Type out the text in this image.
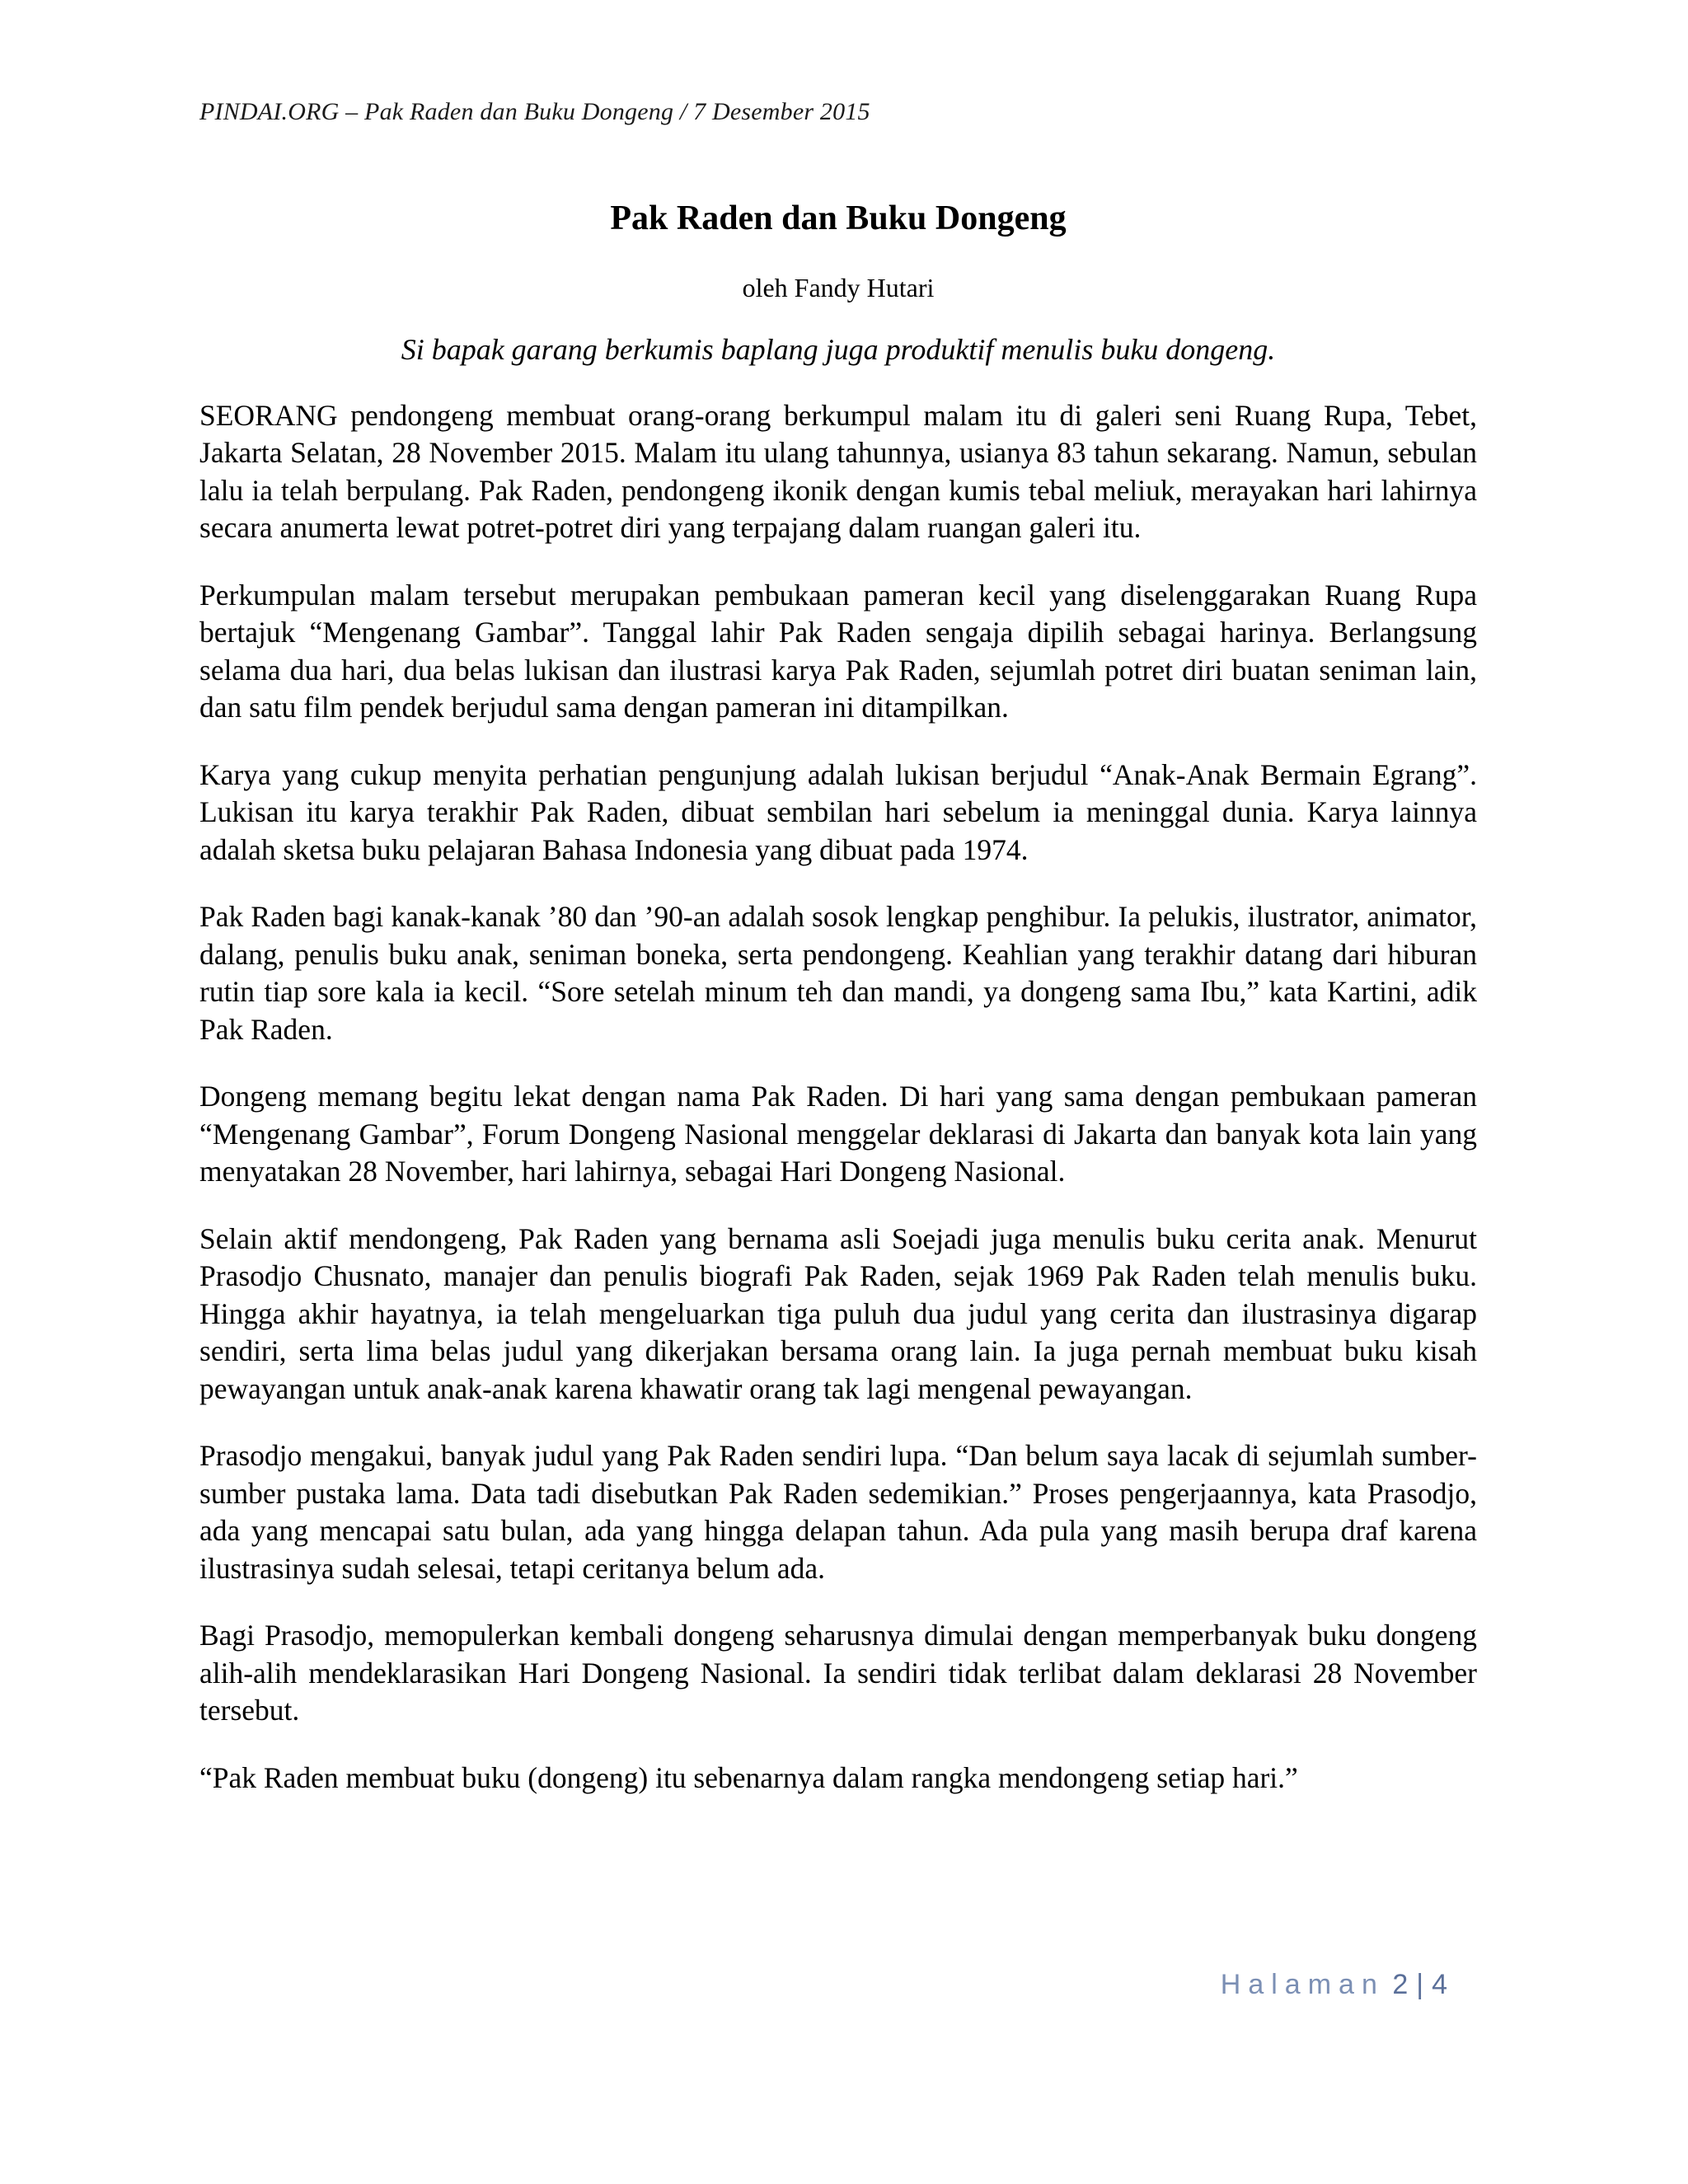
PINDAI.ORG – Pak Raden dan Buku Dongeng / 7 Desember 2015
Pak Raden dan Buku Dongeng
oleh Fandy Hutari
Si bapak garang berkumis baplang juga produktif menulis buku dongeng.

SEORANG pendongeng membuat orang-orang berkumpul malam itu di galeri seni Ruang Rupa, Tebet, Jakarta Selatan, 28 November 2015. Malam itu ulang tahunnya, usianya 83 tahun sekarang. Namun, sebulan lalu ia telah berpulang. Pak Raden, pendongeng ikonik dengan kumis tebal meliuk, merayakan hari lahirnya secara anumerta lewat potret-potret diri yang terpajang dalam ruangan galeri itu.

Perkumpulan malam tersebut merupakan pembukaan pameran kecil yang diselenggarakan Ruang Rupa bertajuk “Mengenang Gambar”. Tanggal lahir Pak Raden sengaja dipilih sebagai harinya. Berlangsung selama dua hari, dua belas lukisan dan ilustrasi karya Pak Raden, sejumlah potret diri buatan seniman lain, dan satu film pendek berjudul sama dengan pameran ini ditampilkan.

Karya yang cukup menyita perhatian pengunjung adalah lukisan berjudul “Anak-Anak Bermain Egrang”. Lukisan itu karya terakhir Pak Raden, dibuat sembilan hari sebelum ia meninggal dunia. Karya lainnya adalah sketsa buku pelajaran Bahasa Indonesia yang dibuat pada 1974.

Pak Raden bagi kanak-kanak ’80 dan ’90-an adalah sosok lengkap penghibur. Ia pelukis, ilustrator, animator, dalang, penulis buku anak, seniman boneka, serta pendongeng. Keahlian yang terakhir datang dari hiburan rutin tiap sore kala ia kecil. “Sore setelah minum teh dan mandi, ya dongeng sama Ibu,” kata Kartini, adik Pak Raden.

Dongeng memang begitu lekat dengan nama Pak Raden. Di hari yang sama dengan pembukaan pameran “Mengenang Gambar”, Forum Dongeng Nasional menggelar deklarasi di Jakarta dan banyak kota lain yang menyatakan 28 November, hari lahirnya, sebagai Hari Dongeng Nasional.

Selain aktif mendongeng, Pak Raden yang bernama asli Soejadi juga menulis buku cerita anak. Menurut Prasodjo Chusnato, manajer dan penulis biografi Pak Raden, sejak 1969 Pak Raden telah menulis buku. Hingga akhir hayatnya, ia telah mengeluarkan tiga puluh dua judul yang cerita dan ilustrasinya digarap sendiri, serta lima belas judul yang dikerjakan bersama orang lain. Ia juga pernah membuat buku kisah pewayangan untuk anak-anak karena khawatir orang tak lagi mengenal pewayangan.

Prasodjo mengakui, banyak judul yang Pak Raden sendiri lupa. “Dan belum saya lacak di sejumlah sumber-sumber pustaka lama. Data tadi disebutkan Pak Raden sedemikian.” Proses pengerjaannya, kata Prasodjo, ada yang mencapai satu bulan, ada yang hingga delapan tahun. Ada pula yang masih berupa draf karena ilustrasinya sudah selesai, tetapi ceritanya belum ada.

Bagi Prasodjo, memopulerkan kembali dongeng seharusnya dimulai dengan memperbanyak buku dongeng alih-alih mendeklarasikan Hari Dongeng Nasional. Ia sendiri tidak terlibat dalam deklarasi 28 November tersebut.

“Pak Raden membuat buku (dongeng) itu sebenarnya dalam rangka mendongeng setiap hari.”

Halaman 2 | 4
